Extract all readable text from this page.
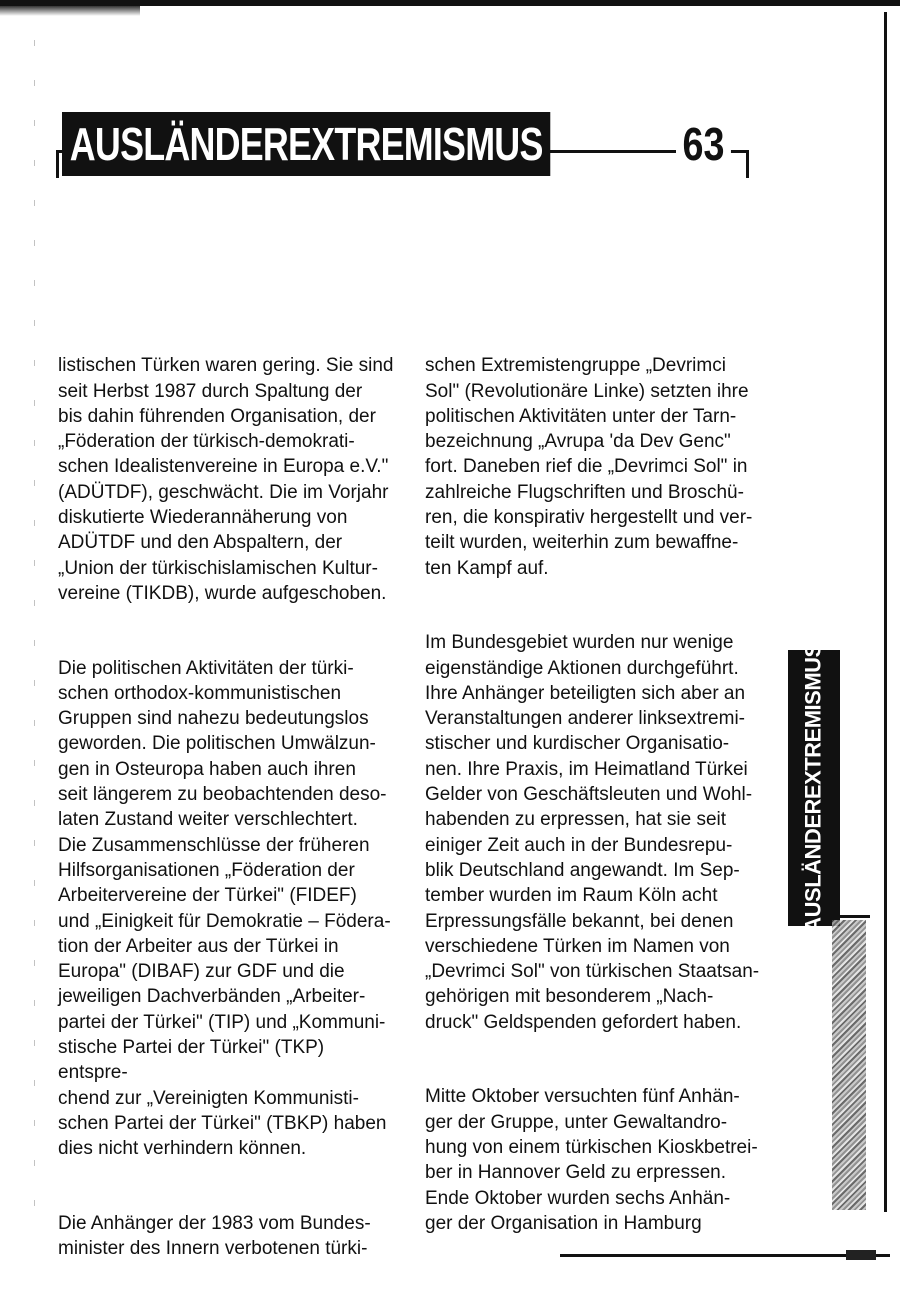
AUSLÄNDEREXTREMISMUS	63

listischen Türken waren gering. Sie sind
seit Herbst 1987 durch Spaltung der
bis dahin führenden Organisation, der
„Föderation der türkisch-demokrati-
schen Idealistenvereine in Europa e.V."
(ADÜTDF), geschwächt. Die im Vorjahr
diskutierte Wiederannäherung von
ADÜTDF und den Abspaltern, der
„Union der türkischislamischen Kultur-
vereine (TIKDB), wurde aufgeschoben.

Die politischen Aktivitäten der türki-
schen orthodox-kommunistischen
Gruppen sind nahezu bedeutungslos
geworden. Die politischen Umwälzun-
gen in Osteuropa haben auch ihren
seit längerem zu beobachtenden deso-
laten Zustand weiter verschlechtert.
Die Zusammenschlüsse der früheren
Hilfsorganisationen „Föderation der
Arbeitervereine der Türkei" (FIDEF)
und „Einigkeit für Demokratie – Födera-
tion der Arbeiter aus der Türkei in
Europa" (DIBAF) zur GDF und die
jeweiligen Dachverbänden „Arbeiter-
partei der Türkei" (TIP) und „Kommuni-
stische Partei der Türkei" (TKP) entspre-
chend zur „Vereinigten Kommunisti-
schen Partei der Türkei" (TBKP) haben
dies nicht verhindern können.

Die Anhänger der 1983 vom Bundes-
minister des Innern verbotenen türki-

schen Extremistengruppe „Devrimci
Sol" (Revolutionäre Linke) setzten ihre
politischen Aktivitäten unter der Tarn-
bezeichnung „Avrupa 'da Dev Genc"
fort. Daneben rief die „Devrimci Sol" in
zahlreiche Flugschriften und Broschü-
ren, die konspirativ hergestellt und ver-
teilt wurden, weiterhin zum bewaffne-
ten Kampf auf.

Im Bundesgebiet wurden nur wenige
eigenständige Aktionen durchgeführt.
Ihre Anhänger beteiligten sich aber an
Veranstaltungen anderer linksextremi-
stischer und kurdischer Organisatio-
nen. Ihre Praxis, im Heimatland Türkei
Gelder von Geschäftsleuten und Wohl-
habenden zu erpressen, hat sie seit
einiger Zeit auch in der Bundesrepu-
blik Deutschland angewandt. Im Sep-
tember wurden im Raum Köln acht
Erpressungsfälle bekannt, bei denen
verschiedene Türken im Namen von
„Devrimci Sol" von türkischen Staatsan-
gehörigen mit besonderem „Nach-
druck" Geldspenden gefordert haben.

Mitte Oktober versuchten fünf Anhän-
ger der Gruppe, unter Gewaltandro-
hung von einem türkischen Kioskbetrei-
ber in Hannover Geld zu erpressen.
Ende Oktober wurden sechs Anhän-
ger der Organisation in Hamburg

AUSLÄNDEREXTREMISMUS
